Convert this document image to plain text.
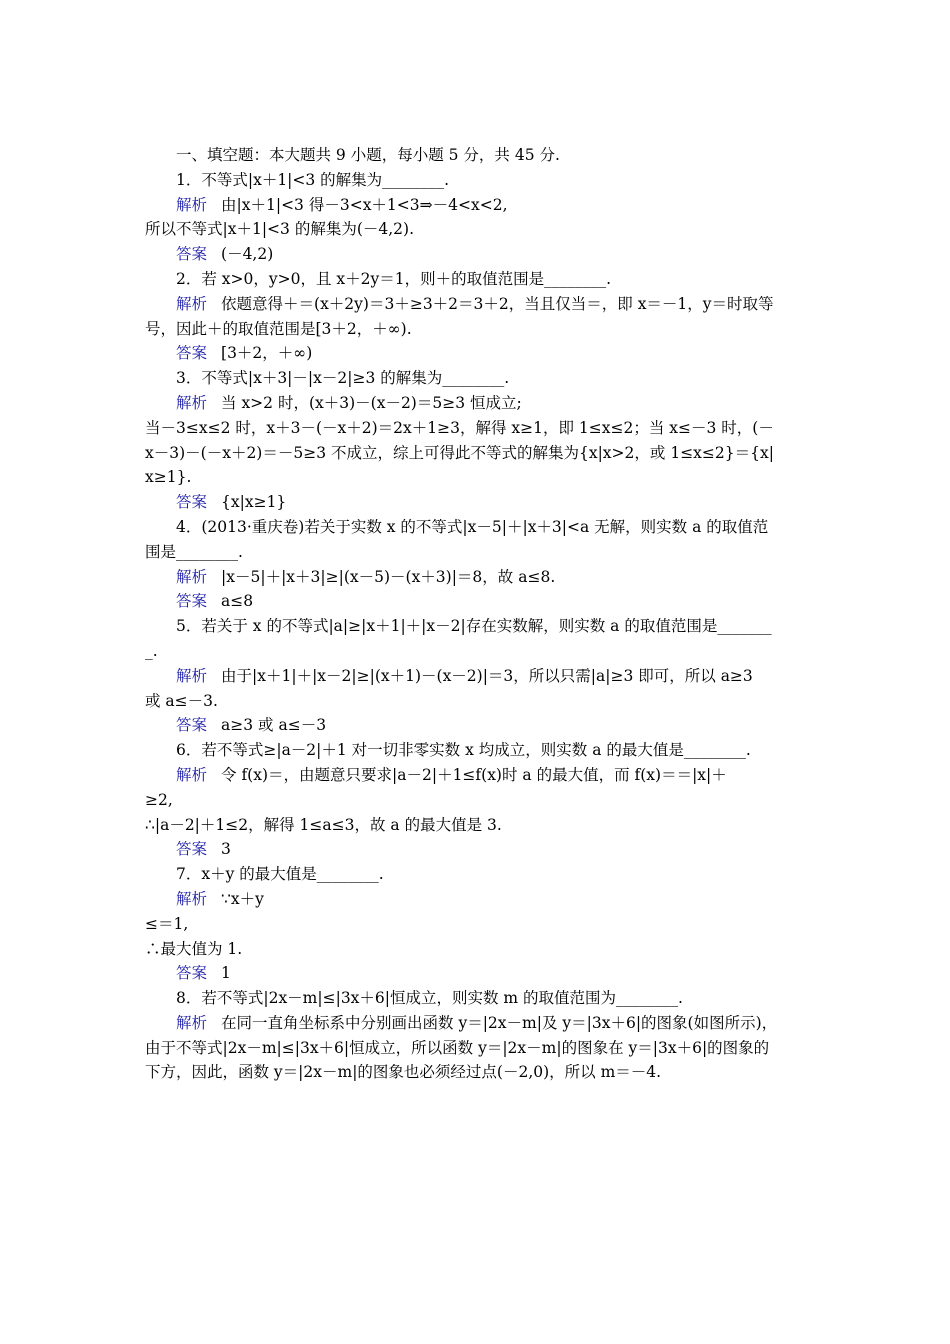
一、填空题：本大题共 9 小题，每小题 5 分，共 45 分.
1．不等式|x＋1|<3 的解集为________.
解析 由|x＋1|<3 得－3<x＋1<3⇒－4<x<2,
所以不等式|x＋1|<3 的解集为(－4,2).
答案 (－4,2)
2．若 x>0，y>0，且 x＋2y＝1，则＋的取值范围是________.
解析 依题意得＋＝(x＋2y)＝3＋≥3＋2＝3＋2，当且仅当＝，即 x＝－1，y＝时取等
号，因此＋的取值范围是[3＋2，＋∞).
答案 [3＋2，＋∞)
3．不等式|x＋3|－|x－2|≥3 的解集为________.
解析 当 x>2 时，(x＋3)－(x－2)＝5≥3 恒成立;
当－3≤x≤2 时，x＋3－(－x＋2)＝2x＋1≥3，解得 x≥1，即 1≤x≤2；当 x≤－3 时，(－
x－3)－(－x＋2)＝－5≥3 不成立，综上可得此不等式的解集为{x|x>2，或 1≤x≤2}＝{x|
x≥1}.
答案 {x|x≥1}
4．(2013·重庆卷)若关于实数 x 的不等式|x－5|＋|x＋3|<a 无解，则实数 a 的取值范
围是________.
解析 |x－5|＋|x＋3|≥|(x－5)－(x＋3)|＝8，故 a≤8.
答案 a≤8
5．若关于 x 的不等式|a|≥|x＋1|＋|x－2|存在实数解，则实数 a 的取值范围是_______
_.
解析 由于|x＋1|＋|x－2|≥|(x＋1)－(x－2)|＝3，所以只需|a|≥3 即可，所以 a≥3
或 a≤－3.
答案 a≥3 或 a≤－3
6．若不等式≥|a－2|＋1 对一切非零实数 x 均成立，则实数 a 的最大值是________.
解析 令 f(x)＝，由题意只要求|a－2|＋1≤f(x)时 a 的最大值，而 f(x)＝＝|x|＋
≥2,
∴|a－2|＋1≤2，解得 1≤a≤3，故 a 的最大值是 3.
答案 3
7．x＋y 的最大值是________.
解析 ∵x＋y
≤＝1,
∴最大值为 1.
答案 1
8．若不等式|2x－m|≤|3x＋6|恒成立，则实数 m 的取值范围为________.
解析 在同一直角坐标系中分别画出函数 y＝|2x－m|及 y＝|3x＋6|的图象(如图所示)，
由于不等式|2x－m|≤|3x＋6|恒成立，所以函数 y＝|2x－m|的图象在 y＝|3x＋6|的图象的
下方，因此，函数 y＝|2x－m|的图象也必须经过点(－2,0)，所以 m＝－4.
